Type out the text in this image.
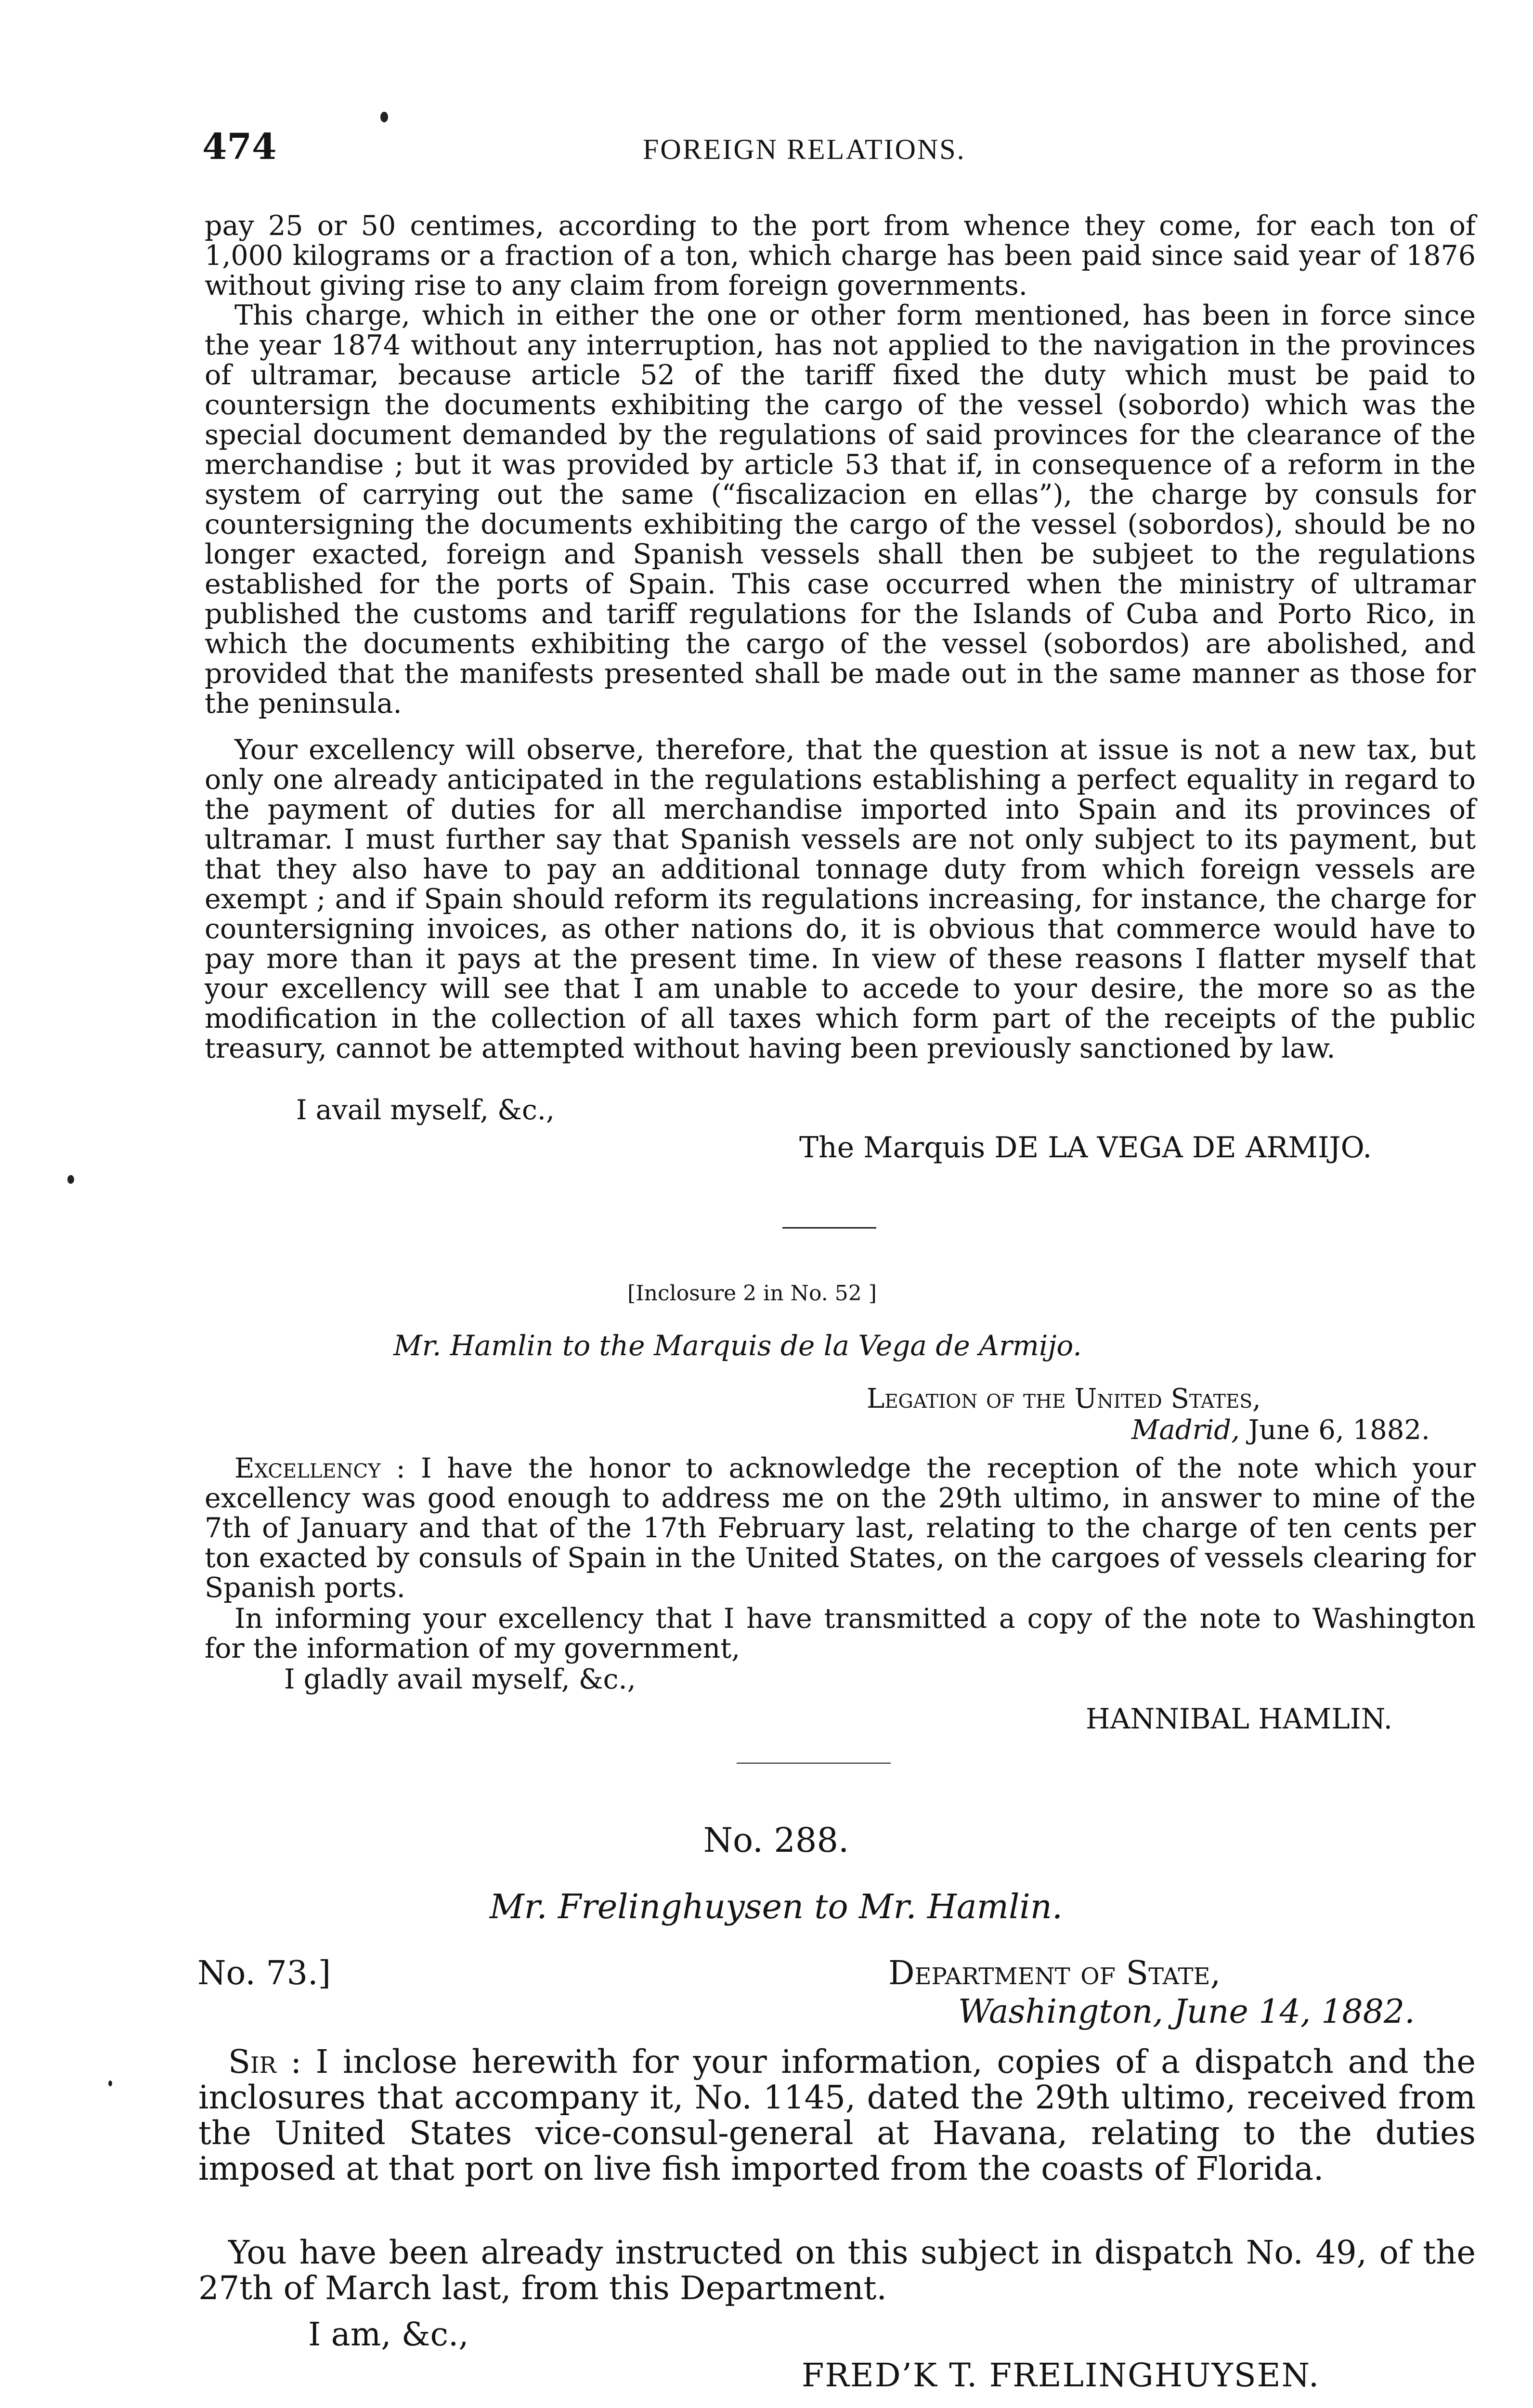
474	FOREIGN RELATIONS.

pay 25 or 50 centimes, according to the port from whence they come, for each ton of 1,000 kilograms or a fraction of a ton, which charge has been paid since said year of 1876 without giving rise to any claim from foreign governments.

This charge, which in either the one or other form mentioned, has been in force since the year 1874 without any interruption, has not applied to the navigation in the provinces of ultramar, because article 52 of the tariff fixed the duty which must be paid to countersign the documents exhibiting the cargo of the vessel (sobordo) which was the special document demanded by the regulations of said provinces for the clearance of the merchandise ; but it was provided by article 53 that if, in consequence of a reform in the system of carrying out the same (“fiscalizacion en ellas”), the charge by consuls for countersigning the documents exhibiting the cargo of the vessel (sobordos), should be no longer exacted, foreign and Spanish vessels shall then be subjeet to the regulations established for the ports of Spain. This case occurred when the ministry of ultramar published the customs and tariff regulations for the Islands of Cuba and Porto Rico, in which the documents exhibiting the cargo of the vessel (sobordos) are abolished, and provided that the manifests presented shall be made out in the same manner as those for the peninsula.

Your excellency will observe, therefore, that the question at issue is not a new tax, but only one already anticipated in the regulations establishing a perfect equality in regard to the payment of duties for all merchandise imported into Spain and its provinces of ultramar. I must further say that Spanish vessels are not only subject to its payment, but that they also have to pay an additional tonnage duty from which foreign vessels are exempt ; and if Spain should reform its regulations increasing, for instance, the charge for countersigning invoices, as other nations do, it is obvious that commerce would have to pay more than it pays at the present time. In view of these reasons I flatter myself that your excellency will see that I am unable to accede to your desire, the more so as the modification in the collection of all taxes which form part of the receipts of the public treasury, cannot be attempted without having been previously sanctioned by law.

I avail myself, &c.,
The Marquis DE LA VEGA DE ARMIJO.
[Inclosure 2 in No. 52 ]
Mr. Hamlin to the Marquis de la Vega de Armijo.
Legation of the United States,
Madrid, June 6, 1882.

Excellency : I have the honor to acknowledge the reception of the note which your excellency was good enough to address me on the 29th ultimo, in answer to mine of the 7th of January and that of the 17th February last, relating to the charge of ten cents per ton exacted by consuls of Spain in the United States, on the cargoes of vessels clearing for Spanish ports.

In informing your excellency that I have transmitted a copy of the note to Washington for the information of my government,

I gladly avail myself, &c.,
HANNIBAL HAMLIN.
No. 288.
Mr. Frelinghuysen to Mr. Hamlin.
No. 73.]	Department of State,
Washington, June 14, 1882.

Sir : I inclose herewith for your information, copies of a dispatch and the inclosures that accompany it, No. 1145, dated the 29th ultimo, received from the United States vice-consul-general at Havana, relating to the duties imposed at that port on live fish imported from the coasts of Florida.

You have been already instructed on this subject in dispatch No. 49, of the 27th of March last, from this Department.

I am, &c.,
FRED’K T. FRELINGHUYSEN.
